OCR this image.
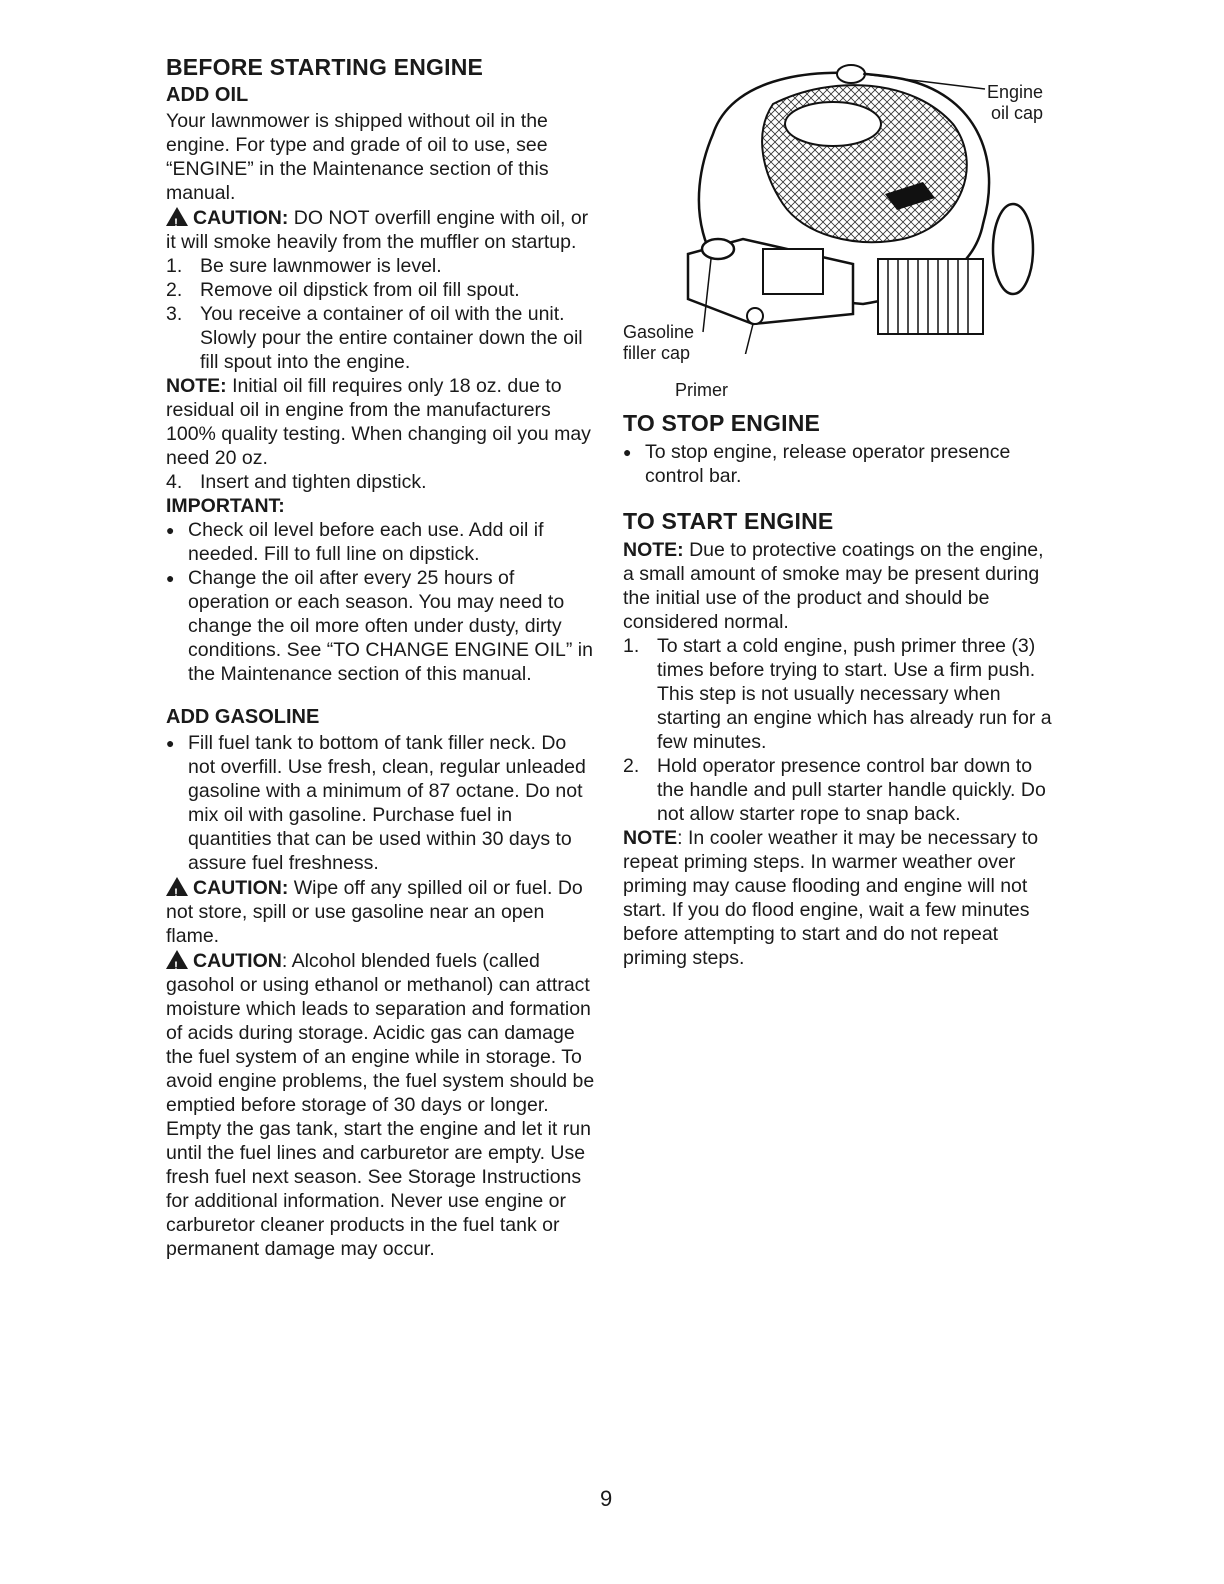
BEFORE STARTING ENGINE
ADD OIL

Your lawnmower is shipped without oil in the engine. For type and grade of oil to use, see “ENGINE” in the Maintenance section of this manual.

!CAUTION: DO NOT overfill engine with oil, or it will smoke heavily from the muffler on startup.

1. Be sure lawnmower is level.
2. Remove oil dipstick from oil fill spout.
3. You receive a container of oil with the unit. Slowly pour the entire container down the oil fill spout into the engine.

NOTE: Initial oil fill requires only 18 oz. due to residual oil in engine from the manufacturers 100% quality testing. When changing oil you may need 20 oz.

4. Insert and tighten dipstick.
IMPORTANT:
● Check oil level before each use. Add oil if needed. Fill to full line on dipstick.
● Change the oil after every 25 hours of operation or each season. You may need to change the oil more often under dusty, dirty conditions. See “TO CHANGE ENGINE OIL” in the Maintenance section of this manual.
ADD GASOLINE
● Fill fuel tank to bottom of tank filler neck. Do not overfill. Use fresh, clean, regular unleaded gasoline with a minimum of 87 octane. Do not mix oil with gasoline. Purchase fuel in quantities that can be used within 30 days to assure fuel freshness.

!CAUTION: Wipe off any spilled oil or fuel. Do not store, spill or use gasoline near an open flame.

!CAUTION: Alcohol blended fuels (called gasohol or using ethanol or methanol) can attract moisture which leads to separation and formation of acids during storage. Acidic gas can damage the fuel system of an engine while in storage. To avoid engine problems, the fuel system should be emptied before storage of 30 days or longer. Empty the gas tank, start the engine and let it run until the fuel lines and carburetor are empty. Use fresh fuel next season. See Storage Instructions for additional information. Never use engine or carburetor cleaner products in the fuel tank or permanent damage may occur.

Engine
oil cap
Gasoline
filler cap
Primer
TO STOP ENGINE
● To stop engine, release operator presence control bar.
TO START ENGINE

NOTE: Due to protective coatings on the engine, a small amount of smoke may be present during the initial use of the product and should be considered normal.

1. To start a cold engine, push primer three (3) times before trying to start. Use a firm push. This step is not usually necessary when starting an engine which has already run for a few minutes.
2. Hold operator presence control bar down to the handle and pull starter handle quickly. Do not allow starter rope to snap back.

NOTE: In cooler weather it may be necessary to repeat priming steps. In warmer weather over priming may cause flooding and engine will not start. If you do flood engine, wait a few minutes before attempting to start and do not repeat priming steps.

9
